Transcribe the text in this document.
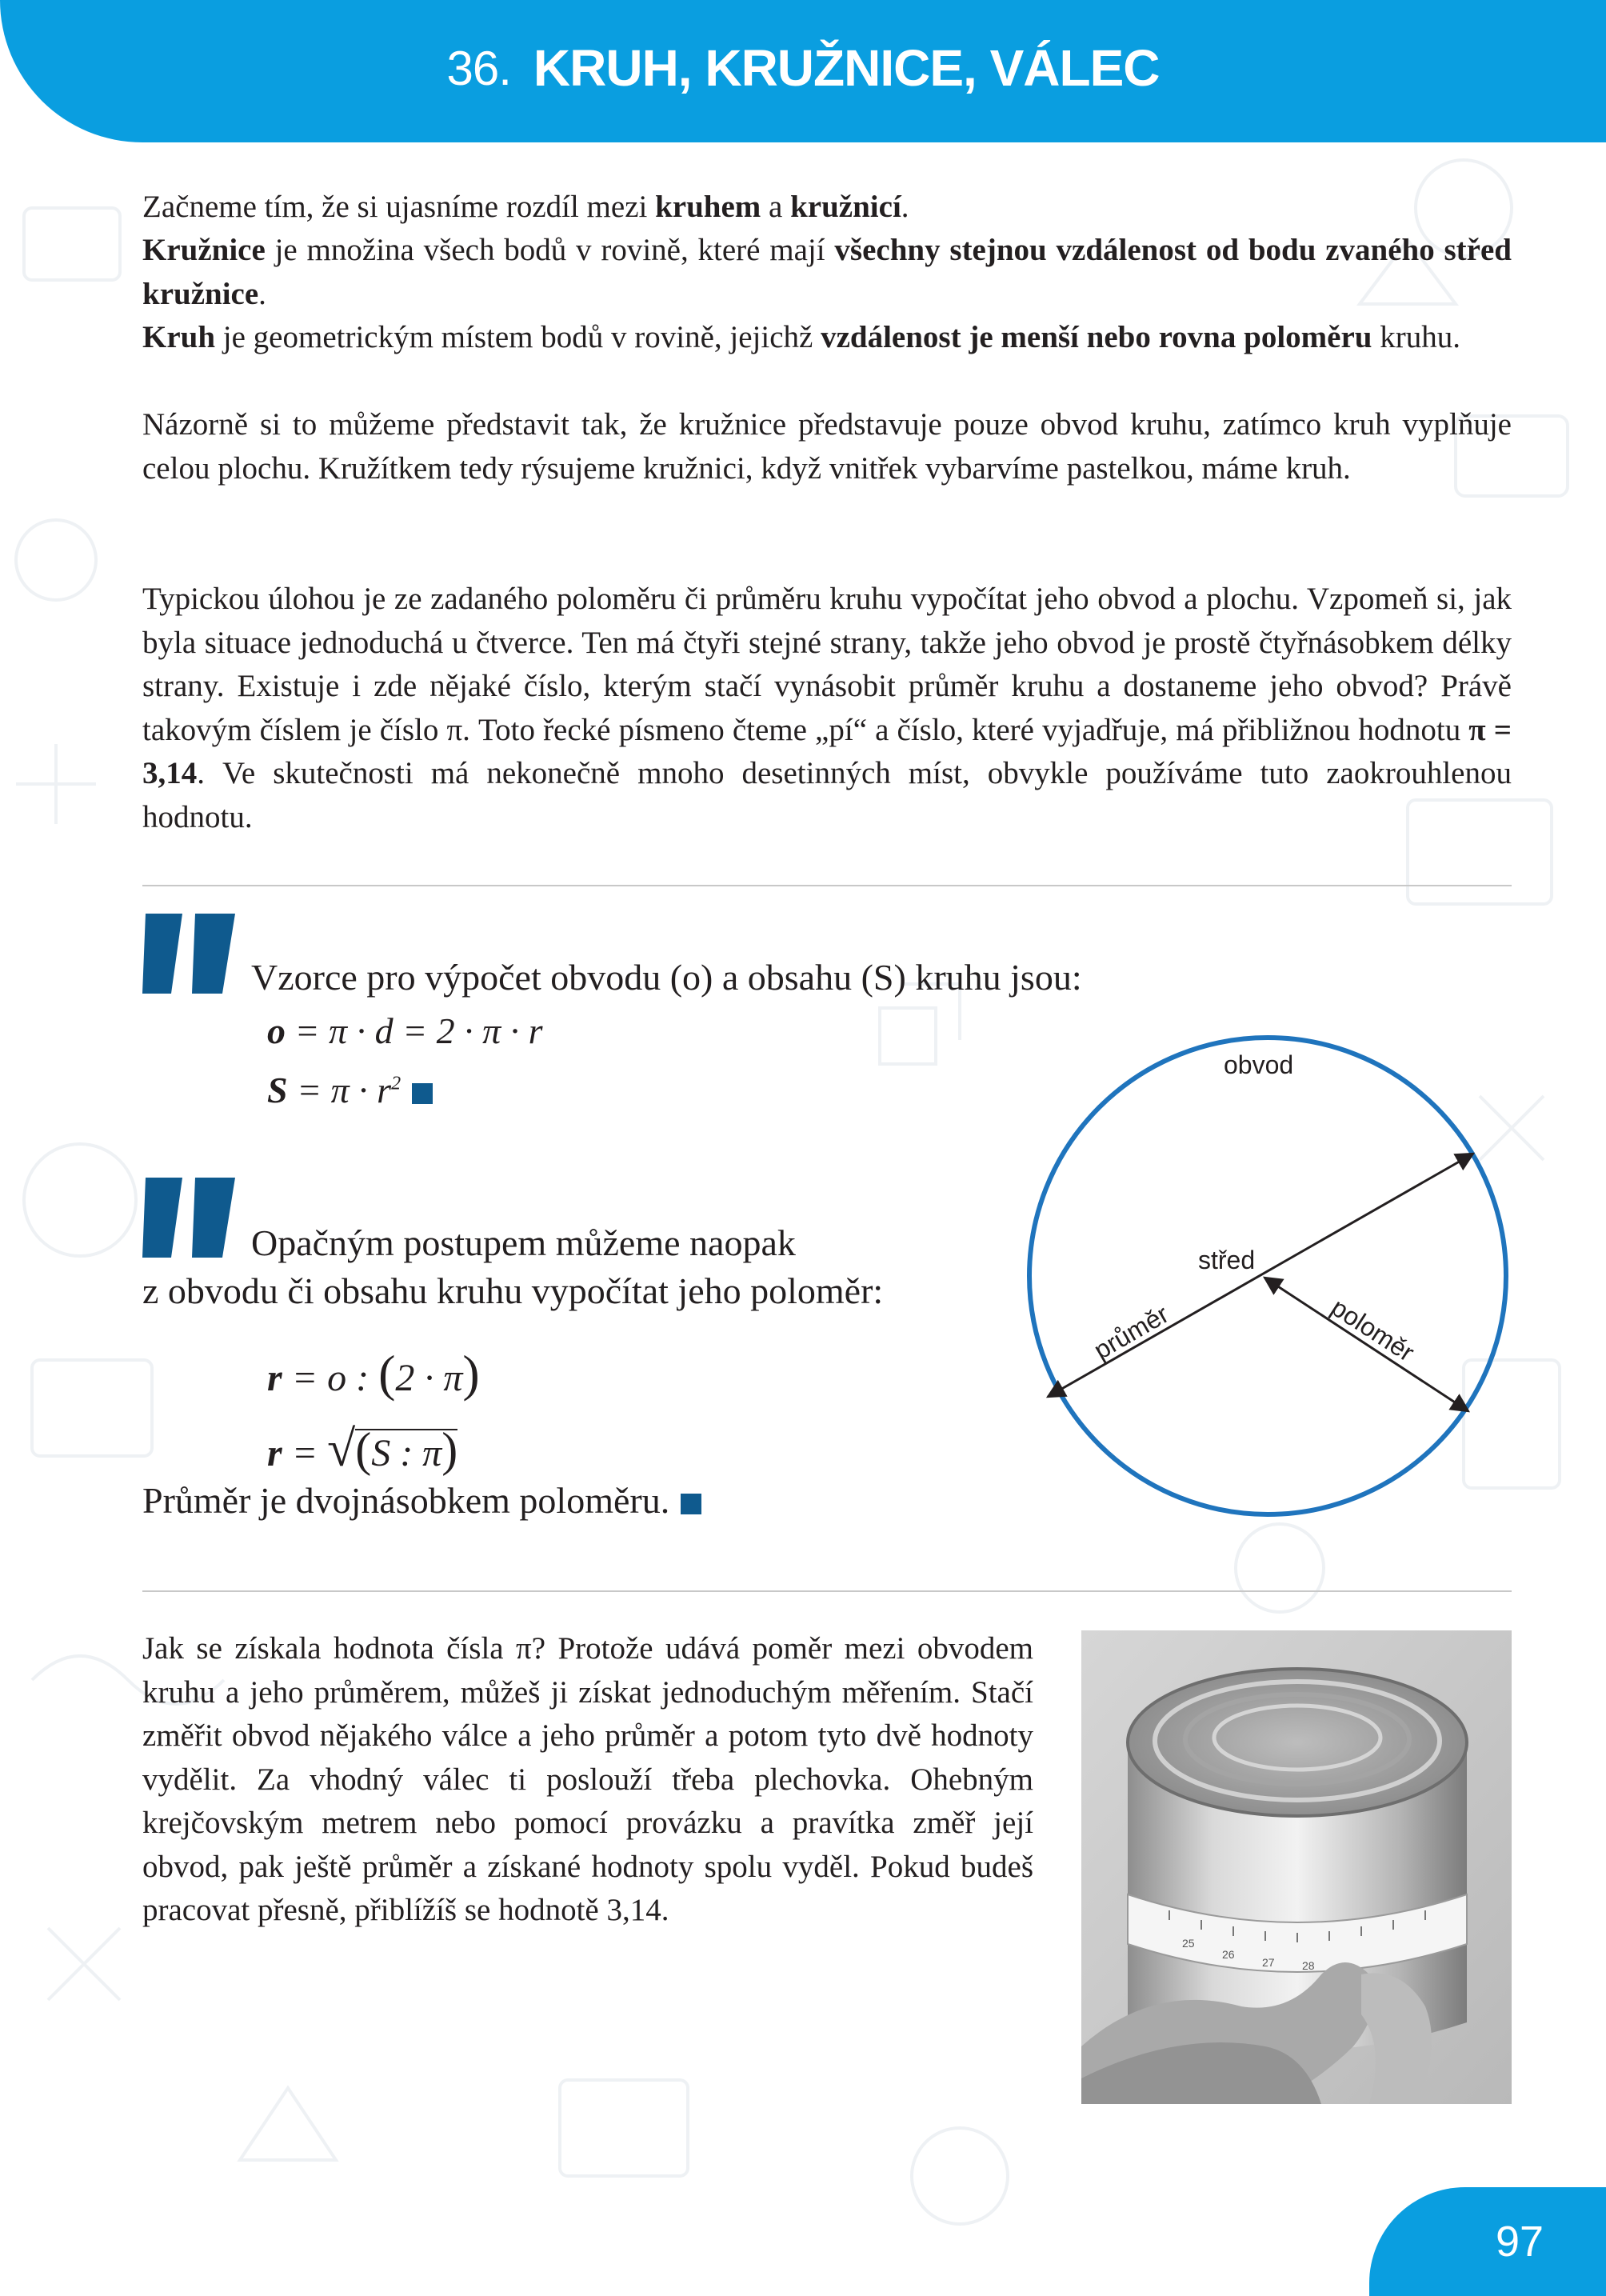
36. KRUH, KRUŽNICE, VÁLEC

Začneme tím, že si ujasníme rozdíl mezi kruhem a kružnicí.

Kružnice je množina všech bodů v rovině, které mají všechny stejnou vzdálenost od bodu zvaného střed kružnice.

Kruh je geometrickým místem bodů v rovině, jejichž vzdálenost je menší nebo rovna poloměru kruhu.

Názorně si to můžeme představit tak, že kružnice představuje pouze obvod kruhu, zatímco kruh vyplňuje celou plochu. Kružítkem tedy rýsujeme kružnici, když vnitřek vybarvíme pastelkou, máme kruh.

Typickou úlohou je ze zadaného poloměru či průměru kruhu vypočítat jeho obvod a plochu. Vzpomeň si, jak byla situace jednoduchá u čtverce. Ten má čtyři stejné strany, takže jeho obvod je prostě čtyřnásobkem délky strany. Existuje i zde nějaké číslo, kterým stačí vynásobit průměr kruhu a dostaneme jeho obvod? Právě takovým číslem je číslo π. Toto řecké písmeno čteme „pí“ a číslo, které vyjadřuje, má přibližnou hodnotu π = 3,14. Ve skutečnosti má nekonečně mnoho desetinných míst, obvykle používáme tuto zaokrouhlenou hodnotu.

Vzorce pro výpočet obvodu (o) a obsahu (S) kruhu jsou:

o = π · d = 2 · π · r
$S = \pi \cdot r^2$

Opačným postupem můžeme naopak

z obvodu či obsahu kruhu vypočítat jeho poloměr:

r = o : (2 · π)
r = √(S : π)

Průměr je dvojnásobkem poloměru.

obvod
střed
průměr	poloměr

Jak se získala hodnota čísla π? Protože udává poměr mezi obvodem kruhu a jeho průměrem, můžeš ji získat jednoduchým měřením. Stačí změřit obvod nějakého válce a jeho průměr a potom tyto dvě hodnoty vydělit. Za vhodný válec ti poslouží třeba plechovka. Ohebným krejčovským metrem nebo pomocí provázku a pravítka změř její obvod, pak ještě průměr a získané hodnoty spolu vyděl. Pokud budeš pracovat přesně, přiblížíš se hodnotě 3,14.

25
26
27 28
97
